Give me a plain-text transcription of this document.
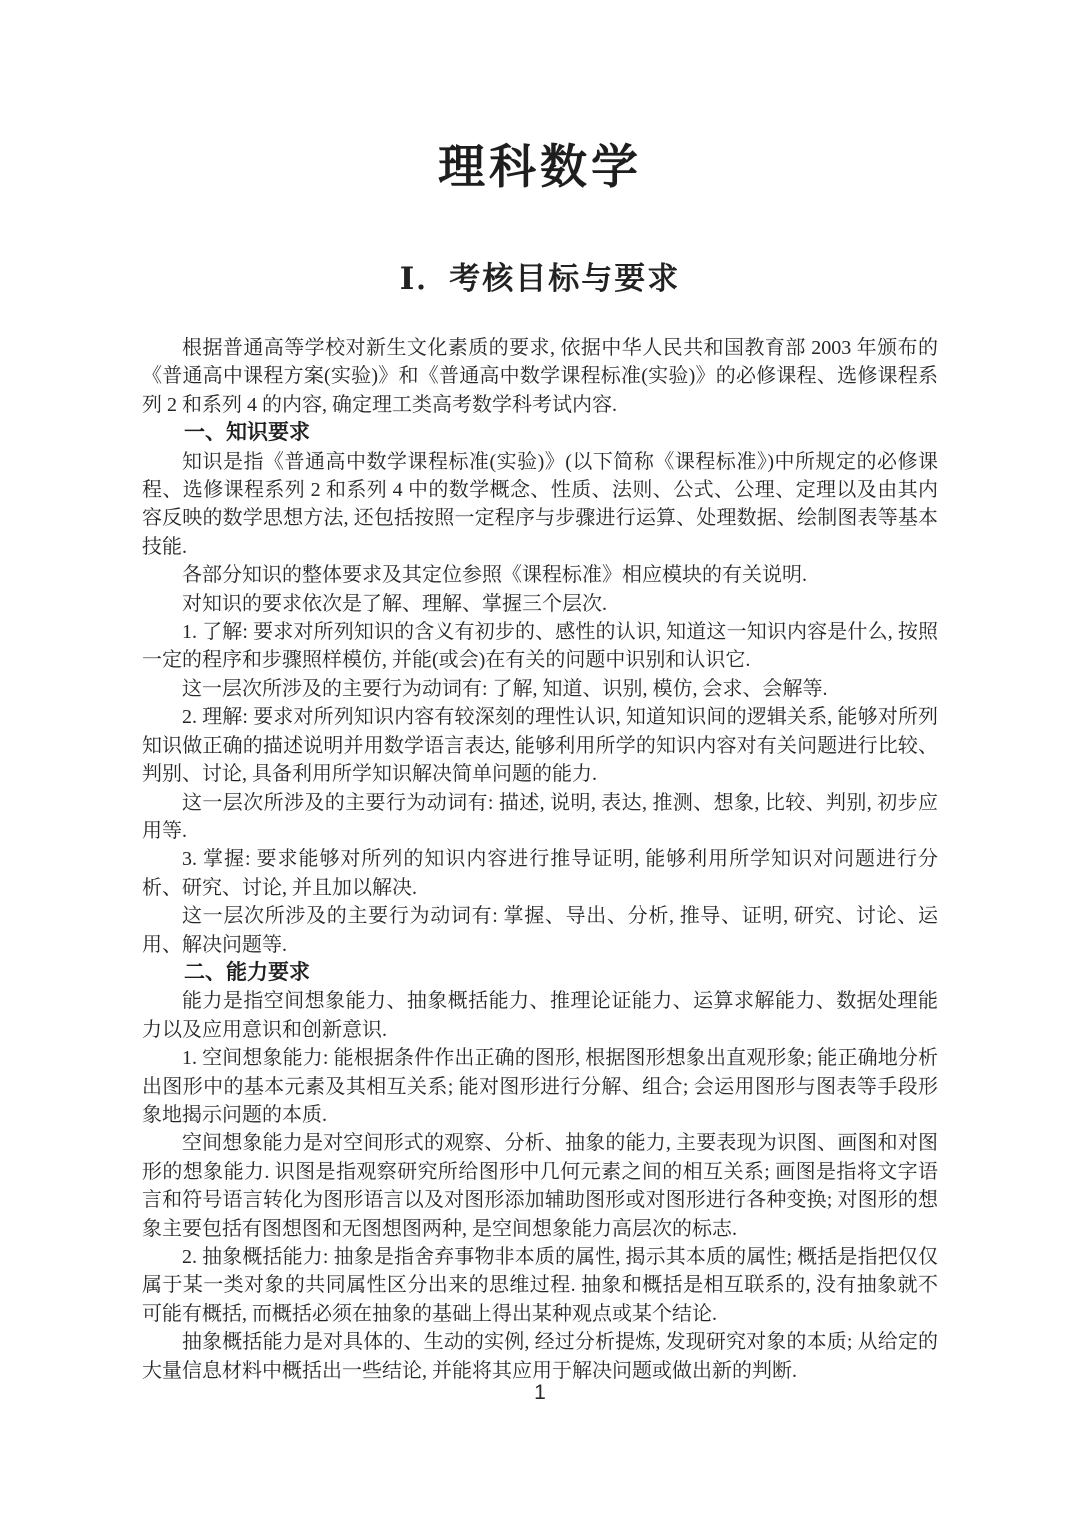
理科数学
Ⅰ．考核目标与要求

根据普通高等学校对新生文化素质的要求, 依据中华人民共和国教育部 2003 年颁布的《普通高中课程方案(实验)》和《普通高中数学课程标准(实验)》的必修课程、选修课程系列 2 和系列 4 的内容, 确定理工类高考数学科考试内容.

一、知识要求

知识是指《普通高中数学课程标准(实验)》(以下简称《课程标准》)中所规定的必修课程、选修课程系列 2 和系列 4 中的数学概念、性质、法则、公式、公理、定理以及由其内容反映的数学思想方法, 还包括按照一定程序与步骤进行运算、处理数据、绘制图表等基本技能.

各部分知识的整体要求及其定位参照《课程标准》相应模块的有关说明.

对知识的要求依次是了解、理解、掌握三个层次.

1. 了解: 要求对所列知识的含义有初步的、感性的认识, 知道这一知识内容是什么, 按照一定的程序和步骤照样模仿, 并能(或会)在有关的问题中识别和认识它.

这一层次所涉及的主要行为动词有: 了解, 知道、识别, 模仿, 会求、会解等.

2. 理解: 要求对所列知识内容有较深刻的理性认识, 知道知识间的逻辑关系, 能够对所列知识做正确的描述说明并用数学语言表达, 能够利用所学的知识内容对有关问题进行比较、判别、讨论, 具备利用所学知识解决简单问题的能力.

这一层次所涉及的主要行为动词有: 描述, 说明, 表达, 推测、想象, 比较、判别, 初步应用等.

3. 掌握: 要求能够对所列的知识内容进行推导证明, 能够利用所学知识对问题进行分析、研究、讨论, 并且加以解决.

这一层次所涉及的主要行为动词有: 掌握、导出、分析, 推导、证明, 研究、讨论、运用、解决问题等.

二、能力要求

能力是指空间想象能力、抽象概括能力、推理论证能力、运算求解能力、数据处理能力以及应用意识和创新意识.

1. 空间想象能力: 能根据条件作出正确的图形, 根据图形想象出直观形象; 能正确地分析出图形中的基本元素及其相互关系; 能对图形进行分解、组合; 会运用图形与图表等手段形象地揭示问题的本质.

空间想象能力是对空间形式的观察、分析、抽象的能力, 主要表现为识图、画图和对图形的想象能力. 识图是指观察研究所给图形中几何元素之间的相互关系; 画图是指将文字语言和符号语言转化为图形语言以及对图形添加辅助图形或对图形进行各种变换; 对图形的想象主要包括有图想图和无图想图两种, 是空间想象能力高层次的标志.

2. 抽象概括能力: 抽象是指舍弃事物非本质的属性, 揭示其本质的属性; 概括是指把仅仅属于某一类对象的共同属性区分出来的思维过程. 抽象和概括是相互联系的, 没有抽象就不可能有概括, 而概括必须在抽象的基础上得出某种观点或某个结论.

抽象概括能力是对具体的、生动的实例, 经过分析提炼, 发现研究对象的本质; 从给定的大量信息材料中概括出一些结论, 并能将其应用于解决问题或做出新的判断.

1
